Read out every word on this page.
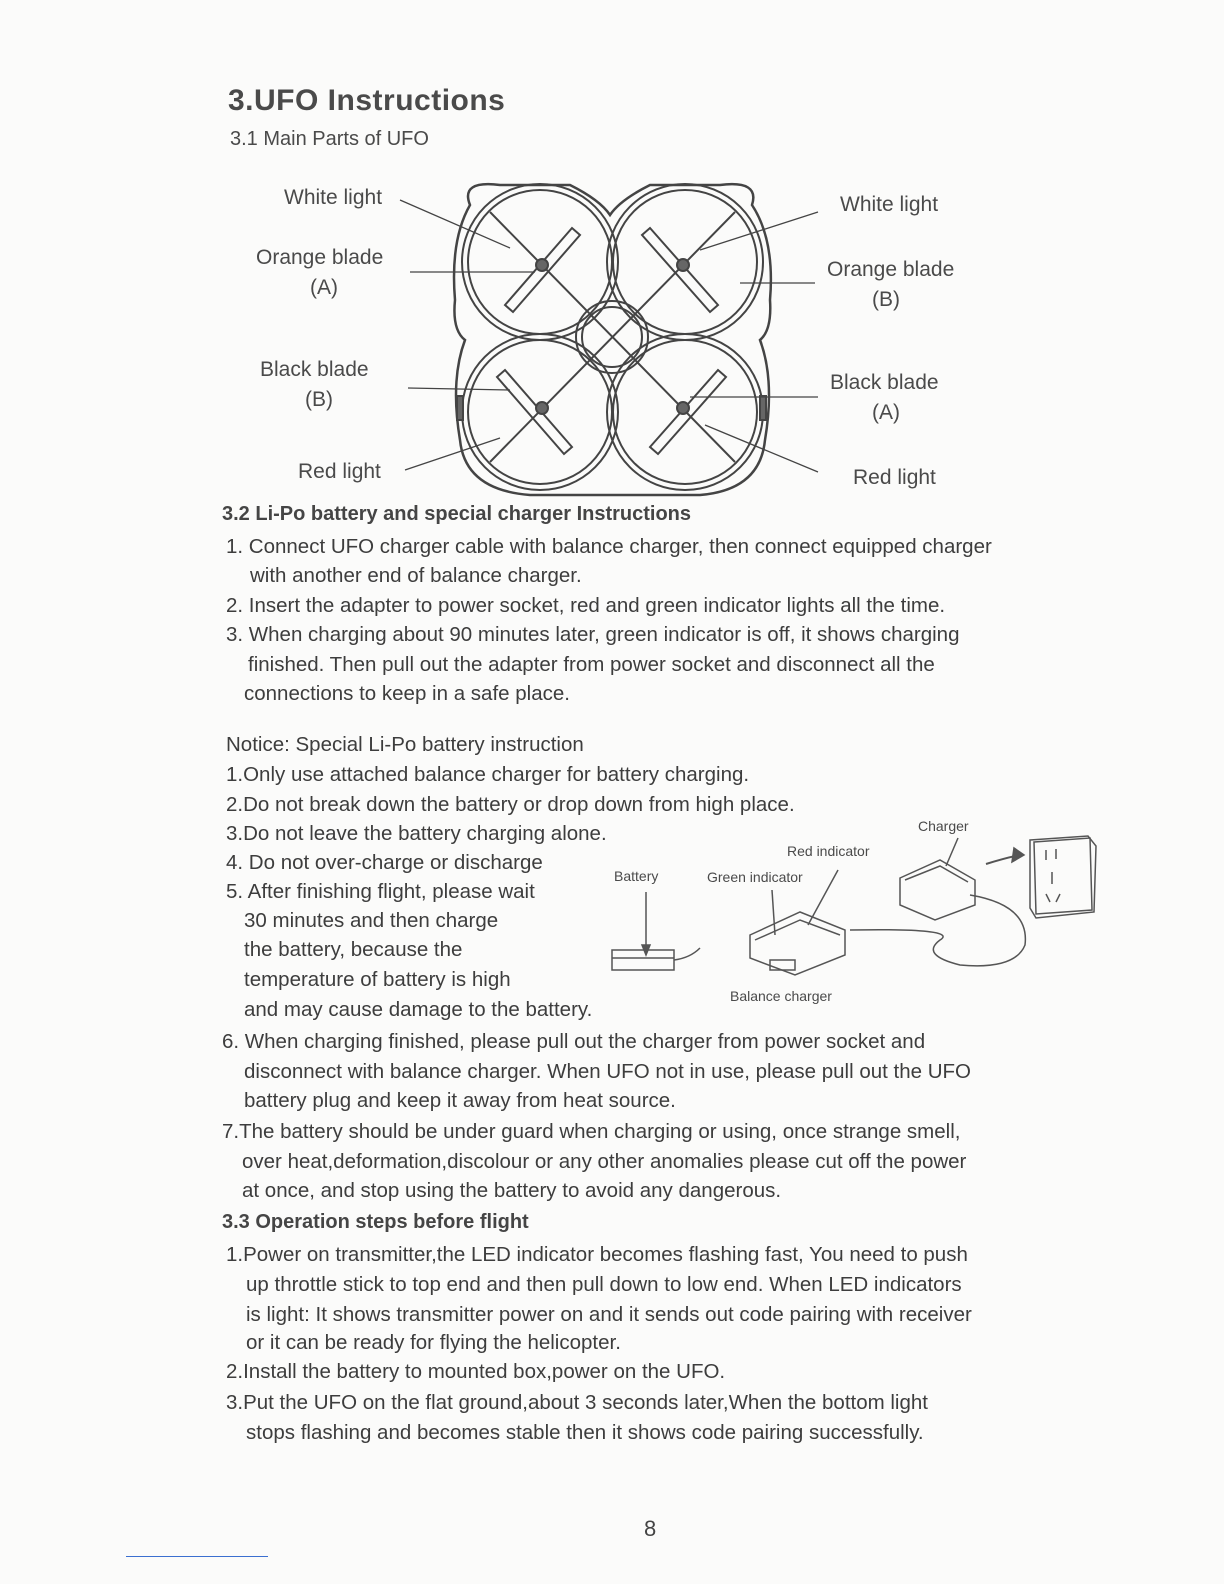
3.UFO Instructions
3.1 Main Parts of UFO
White light
Orange blade
(A)
Black blade
(B)
Red light
White light
Orange blade
(B)
Black blade
(A)
Red light
3.2 Li-Po battery and special charger Instructions
1. Connect UFO charger cable with balance charger, then connect equipped charger
with another end of balance charger.
2. Insert the adapter to power socket, red and green indicator lights all the time.
3. When charging about 90 minutes later, green indicator is off, it shows charging
finished. Then pull out the adapter from power socket and disconnect all the
connections to keep in a safe place.
Notice: Special Li-Po battery instruction
1.Only use attached balance charger for battery charging.
2.Do not break down the battery or drop down from high place.
3.Do not leave the battery charging alone.
4. Do not over-charge or discharge
5. After finishing flight, please wait
30 minutes and then charge
the battery, because the
temperature of battery is high
and may cause damage to the battery.
6. When charging finished, please pull out the charger from power socket and
disconnect with balance charger. When UFO not in use, please pull out the UFO
battery plug and keep it away from heat source.
7.The battery should be under guard when charging or using, once strange smell,
over heat,deformation,discolour or any other anomalies please cut off the power
at once, and stop using the battery to avoid any dangerous.
Charger
Red indicator
Battery	Green indicator
Balance charger
3.3 Operation steps before flight
1.Power on transmitter,the LED indicator becomes flashing fast, You need to push
up throttle stick to top end and then pull down to low end. When LED indicators
is light: It shows transmitter power on and it sends out code pairing with receiver
or it can be ready for flying the helicopter.
2.Install the battery to mounted box,power on the UFO.
3.Put the UFO on the flat ground,about 3 seconds later,When the bottom light
stops flashing and becomes stable then it shows code pairing successfully.
8
